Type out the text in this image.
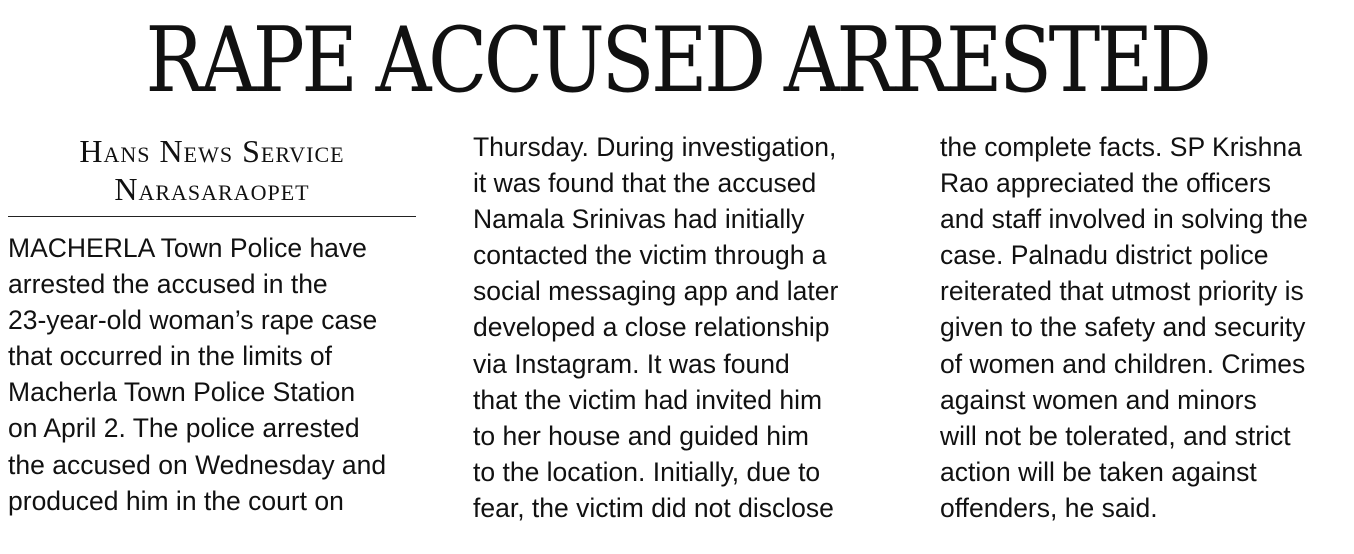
RAPE ACCUSED ARRESTED
Hans News Service
Narasaraopet
MACHERLA Town Police have
arrested the accused in the
23-year-old woman’s rape case
that occurred in the limits of
Macherla Town Police Station
on April 2. The police arrested
the accused on Wednesday and
produced him in the court on
Thursday. During investigation,
it was found that the accused
Namala Srinivas had initially
contacted the victim through a
social messaging app and later
developed a close relationship
via Instagram. It was found
that the victim had invited him
to her house and guided him
to the location. Initially, due to
fear, the victim did not disclose
the complete facts. SP Krishna
Rao appreciated the officers
and staff involved in solving the
case. Palnadu district police
reiterated that utmost priority is
given to the safety and security
of women and children. Crimes
against women and minors
will not be tolerated, and strict
action will be taken against
offenders, he said.
